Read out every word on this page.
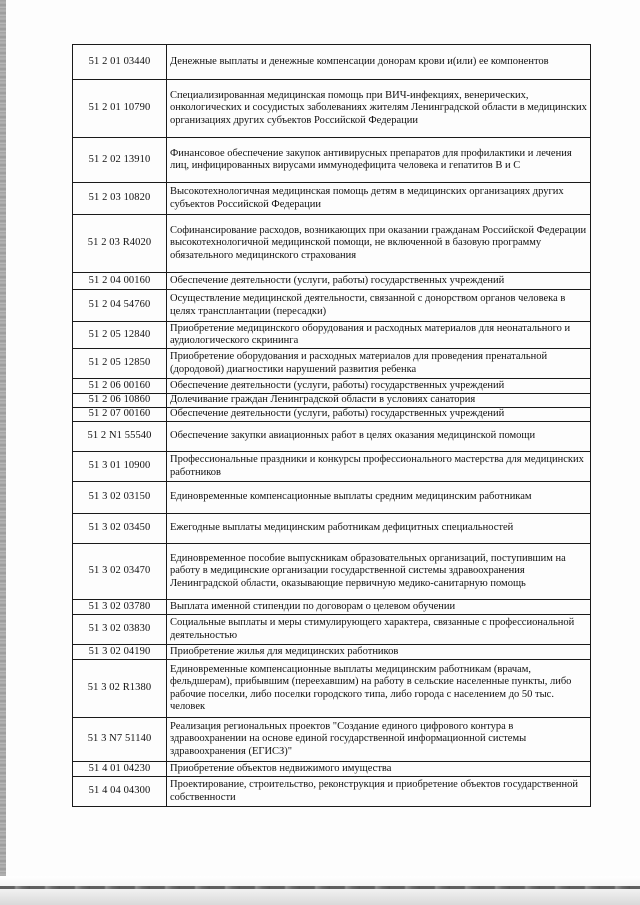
51 2 01 03440	Денежные выплаты и денежные компенсации донорам крови и(или) ее компонентов
51 2 01 10790	Специализированная медицинская помощь при ВИЧ-инфекциях, венерических, онкологических и сосудистых заболеваниях жителям Ленинградской области в медицинских организациях других субъектов Российской Федерации
51 2 02 13910	Финансовое обеспечение закупок антивирусных препаратов для профилактики и лечения лиц, инфицированных вирусами иммунодефицита человека и гепатитов В и С
51 2 03 10820	Высокотехнологичная медицинская помощь детям в медицинских организациях других субъектов Российской Федерации
51 2 03 R4020	Софинансирование расходов, возникающих при оказании гражданам Российской Федерации высокотехнологичной медицинской помощи, не включенной в базовую программу обязательного медицинского страхования
51 2 04 00160	Обеспечение деятельности (услуги, работы) государственных учреждений
51 2 04 54760	Осуществление медицинской деятельности, связанной с донорством органов человека в целях трансплантации (пересадки)
51 2 05 12840	Приобретение медицинского оборудования и расходных материалов для неонатального и аудиологического скрининга
51 2 05 12850	Приобретение оборудования и расходных материалов для проведения пренатальной (дородовой) диагностики нарушений развития ребенка
51 2 06 00160	Обеспечение деятельности (услуги, работы) государственных учреждений
51 2 06 10860	Долечивание граждан Ленинградской области в условиях санатория
51 2 07 00160	Обеспечение деятельности (услуги, работы) государственных учреждений
51 2 N1 55540	Обеспечение закупки авиационных работ в целях оказания медицинской помощи
51 3 01 10900	Профессиональные праздники и конкурсы профессионального мастерства для медицинских работников
51 3 02 03150	Единовременные компенсационные выплаты средним медицинским работникам
51 3 02 03450	Ежегодные выплаты медицинским работникам дефицитных специальностей
51 3 02 03470	Единовременное пособие выпускникам образовательных организаций, поступившим на работу в медицинские организации государственной системы здравоохранения Ленинградской области, оказывающие первичную медико-санитарную помощь
51 3 02 03780	Выплата именной стипендии по договорам о целевом обучении
51 3 02 03830	Социальные выплаты и меры стимулирующего характера, связанные с профессиональной деятельностью
51 3 02 04190	Приобретение жилья для медицинских работников
51 3 02 R1380	Единовременные компенсационные выплаты медицинским работникам (врачам, фельдшерам), прибывшим (переехавшим) на работу в сельские населенные пункты, либо рабочие поселки, либо поселки городского типа, либо города с населением до 50 тыс. человек
51 3 N7 51140	Реализация региональных проектов "Создание единого цифрового контура в здравоохранении на основе единой государственной информационной системы здравоохранения (ЕГИСЗ)"
51 4 01 04230	Приобретение объектов недвижимого имущества
51 4 04 04300	Проектирование, строительство, реконструкция и приобретение объектов государственной собственности
